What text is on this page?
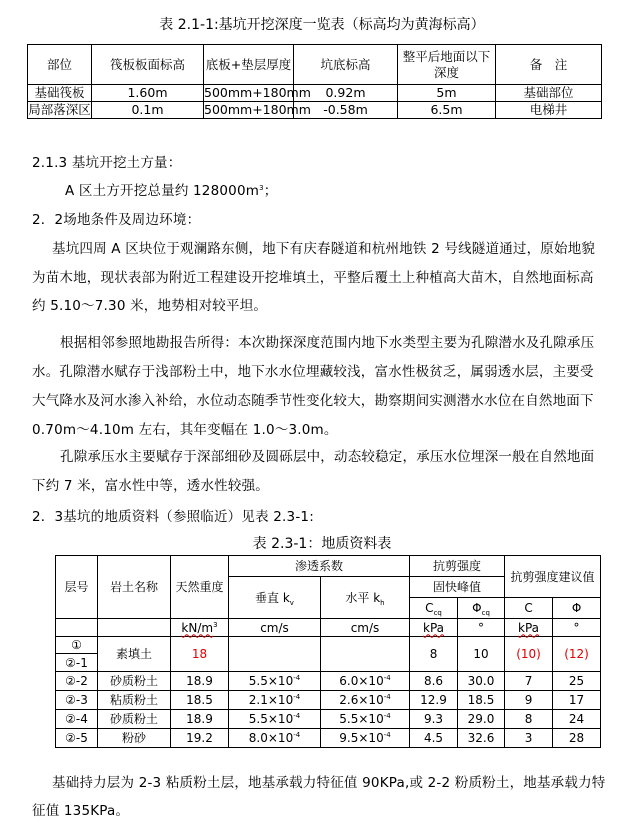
表 2.1-1:基坑开挖深度一览表（标高均为黄海标高）
部位	筏板板面标高	底板+垫层厚度	坑底标高	整平后地面以下深度	备　注
基础筏板	1.60m	500mm+180mm	0.92m	5m	基础部位
局部落深区	0.1m	500mm+180mm	-0.58m	6.5m	电梯井
2.1.3 基坑开挖土方量：
A 区土方开挖总量约 $128000m^3$；
2．2场地条件及周边环境：
基坑四周 A 区块位于观澜路东侧，地下有庆春隧道和杭州地铁 2 号线隧道通过，原始地貌
为苗木地，现状表部为附近工程建设开挖堆填土，平整后覆土上种植高大苗木，自然地面标高
约 5.10～7.30 米，地势相对较平坦。
根据相邻参照地勘报告所得：本次勘探深度范围内地下水类型主要为孔隙潜水及孔隙承压
水。孔隙潜水赋存于浅部粉土中，地下水水位埋藏较浅，富水性极贫乏，属弱透水层，主要受
大气降水及河水渗入补给，水位动态随季节性变化较大，勘察期间实测潜水水位在自然地面下
0.70m～4.10m 左右，其年变幅在 1.0～3.0m。
孔隙承压水主要赋存于深部细砂及圆砾层中，动态较稳定，承压水位埋深一般在自然地面
下约 7 米，富水性中等，透水性较强。
2．3基坑的地质资料（参照临近）见表 2.3-1:
表 2.3-1：地质资料表
层号	岩土名称	天然重度	渗透系数		抗剪强度		抗剪强度建议值	
			垂直 $k_v$	水平 $k_h$	固快峰值			
					$C_{cq}$	$\Phi_{cq}$	C	Φ
		$kN/m^3$	cm/s	cm/s	kPa	°	kPa	°
①	素填土	18			8	10	(10)	(12)
②-1								
②-2	砂质粉土	18.9	$5.5\times 10^{-4}$	$6.0\times 10^{-4}$	8.6	30.0	7	25
②-3	粘质粉土	18.5	$2.1\times 10^{-4}$	$2.6\times 10^{-4}$	12.9	18.5	9	17
②-4	砂质粉土	18.9	$5.5\times 10^{-4}$	$5.5\times 10^{-4}$	9.3	29.0	8	24
②-5	粉砂	19.2	$8.0\times 10^{-4}$	$9.5\times 10^{-4}$	4.5	32.6	3	28
基础持力层为 2-3 粘质粉土层，地基承载力特征值 90KPa,或 2-2 粉质粉土，地基承载力特
征值 135KPa。
